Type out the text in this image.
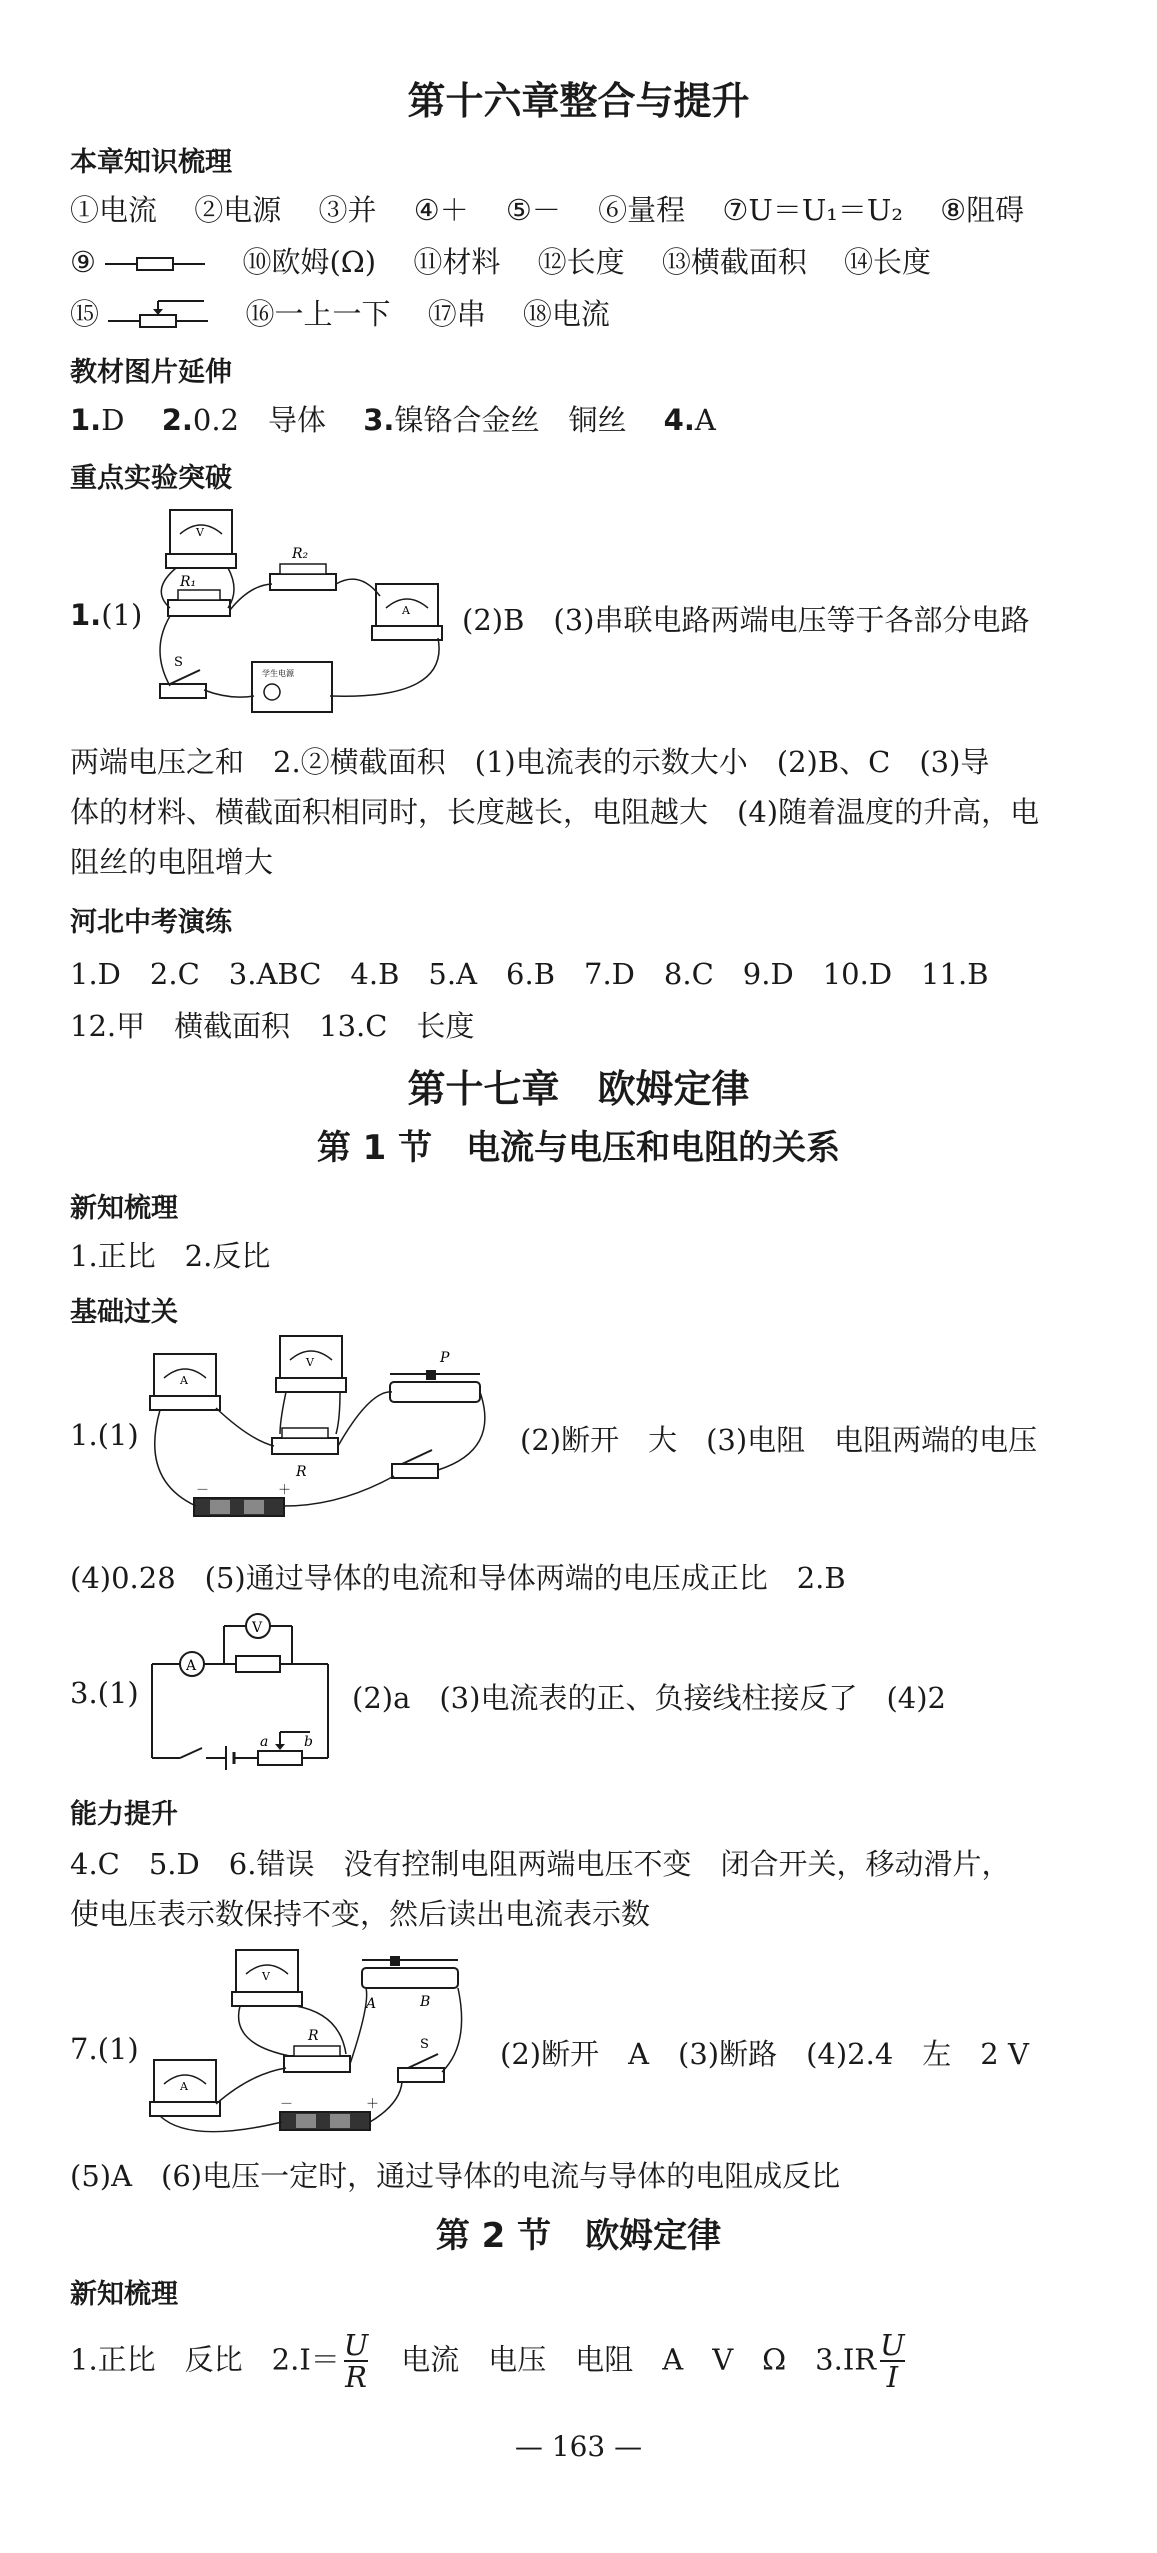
第十六章整合与提升
本章知识梳理
①电流 ②电源 ③并 ④＋ ⑤－ ⑥量程 ⑦U＝U₁＝U₂ ⑧阻碍
⑨	⑩欧姆(Ω) ⑪材料 ⑫长度 ⑬横截面积 ⑭长度
⑮	⑯一上一下 ⑰串 ⑱电流
教材图片延伸
1.D 2.0.2　导体 3.镍铬合金丝　铜丝 4.A
重点实验突破
1.(1)
V
R₁
R₂
A
S
学生电源
(2)B　(3)串联电路两端电压等于各部分电路
两端电压之和　2.②横截面积　(1)电流表的示数大小　(2)B、C　(3)导
体的材料、横截面积相同时，长度越长，电阻越大　(4)随着温度的升高，电
阻丝的电阻增大
河北中考演练
1.D　2.C　3.ABC　4.B　5.A　6.B　7.D　8.C　9.D　10.D　11.B
12.甲　横截面积　13.C　长度
第十七章　欧姆定律
第 1 节　电流与电压和电阻的关系
新知梳理
1.正比　2.反比
基础过关
1.(1)
A
V	P
R
－	＋
(2)断开　大　(3)电阻　电阻两端的电压
(4)0.28　(5)通过导体的电流和导体两端的电压成正比　2.B
3.(1)
A
V
a	b
(2)a　(3)电流表的正、负接线柱接反了　(4)2
能力提升
4.C　5.D　6.错误　没有控制电阻两端电压不变　闭合开关，移动滑片，
使电压表示数保持不变，然后读出电流表示数
7.(1)
V
R
A	B
S
A
－	＋
(2)断开　A　(3)断路　(4)2.4　左　2 V
(5)A　(6)电压一定时，通过导体的电流与导体的电阻成反比
第 2 节　欧姆定律
新知梳理
1.正比　反比　$2.I= \frac{U}{R}$ 　电流　电压　电阻　A　V　Ω　$3.IR \frac{U}{I}$
— 163 —
